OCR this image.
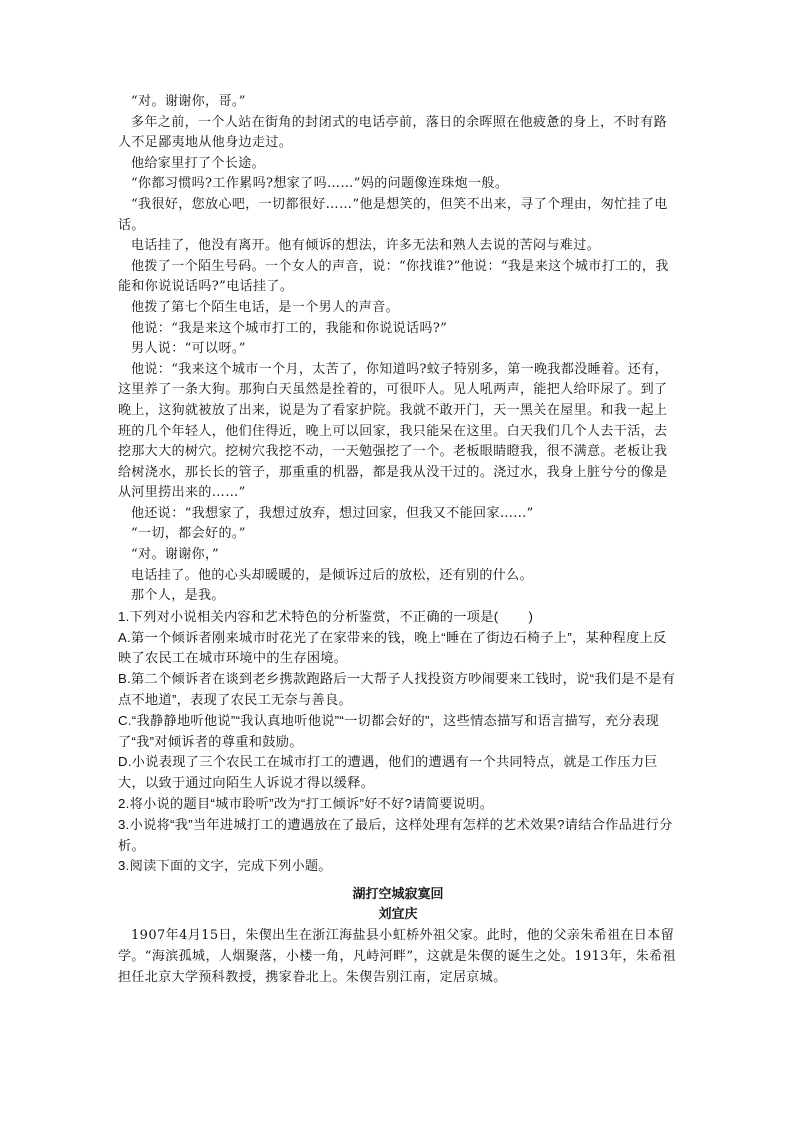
“对。谢谢你，哥。”

多年之前，一个人站在街角的封闭式的电话亭前，落日的余晖照在他疲惫的身上，不时有路人不足鄙夷地从他身边走过。

他给家里打了个长途。

“你都习惯吗?工作累吗?想家了吗……”妈的问题像连珠炮一般。

“我很好，您放心吧，一切都很好……”他是想笑的，但笑不出来，寻了个理由，匆忙挂了电话。

电话挂了，他没有离开。他有倾诉的想法，许多无法和熟人去说的苦闷与难过。

他拨了一个陌生号码。一个女人的声音，说：“你找谁?”他说：“我是来这个城市打工的，我能和你说说话吗?”电话挂了。

他拨了第七个陌生电话，是一个男人的声音。

他说：“我是来这个城市打工的，我能和你说说话吗?”

男人说：“可以呀。”

他说：“我来这个城市一个月，太苦了，你知道吗?蚊子特别多，第一晚我都没睡着。还有，这里养了一条大狗。那狗白天虽然是拴着的，可很吓人。见人吼两声，能把人给吓尿了。到了晚上，这狗就被放了出来，说是为了看家护院。我就不敢开门，天一黑关在屋里。和我一起上班的几个年轻人，他们住得近，晚上可以回家，我只能呆在这里。白天我们几个人去干活，去挖那大大的树穴。挖树穴我挖不动，一天勉强挖了一个。老板眼睛瞪我，很不满意。老板让我给树浇水，那长长的管子，那重重的机器，都是我从没干过的。浇过水，我身上脏兮兮的像是从河里捞出来的……”

他还说：“我想家了，我想过放弃，想过回家，但我又不能回家……”

“一切，都会好的。”

“对。谢谢你，”

电话挂了。他的心头却暖暖的，是倾诉过后的放松，还有别的什么。

那个人，是我。

1.下列对小说相关内容和艺术特色的分析鉴赏，不正确的一项是( )

A.第一个倾诉者刚来城市时花光了在家带来的钱，晚上“睡在了街边石椅子上”，某种程度上反映了农民工在城市环境中的生存困境。

B.第二个倾诉者在谈到老乡携款跑路后一大帮子人找投资方吵闹要来工钱时，说“我们是不是有点不地道”，表现了农民工无奈与善良。

C.“我静静地听他说”“我认真地听他说”“一切都会好的”，这些情态描写和语言描写，充分表现了“我”对倾诉者的尊重和鼓励。

D.小说表现了三个农民工在城市打工的遭遇，他们的遭遇有一个共同特点，就是工作压力巨大，以致于通过向陌生人诉说才得以缓释。

2.将小说的题目“城市聆听”改为“打工倾诉”好不好?请简要说明。

3.小说将“我”当年进城打工的遭遇放在了最后，这样处理有怎样的艺术效果?请结合作品进行分析。

3.阅读下面的文字，完成下列小题。

湖打空城寂寞回

刘宜庆

1907年4月15日，朱偰出生在浙江海盐县小虹桥外祖父家。此时，他的父亲朱希祖在日本留学。“海滨孤城，人烟聚落，小楼一角，凡峙河畔”，这就是朱偰的诞生之处。1913年，朱希祖担任北京大学预科教授，携家眷北上。朱偰告别江南，定居京城。
